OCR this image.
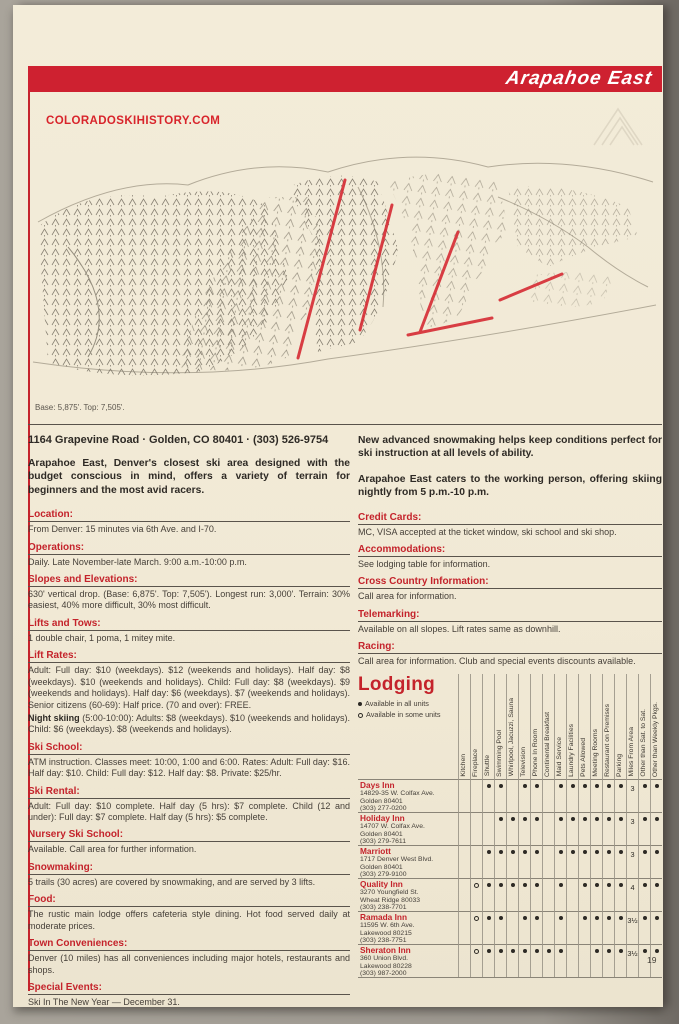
Arapahoe East
COLORADOSKIHISTORY.COM
Base: 5,875'. Top: 7,505'.
1164 Grapevine Road · Golden, CO 80401 · (303) 526-9754
Arapahoe East, Denver's closest ski area designed with the budget conscious in mind, offers a variety of terrain for beginners and the most avid racers.
Location:

From Denver: 15 minutes via 6th Ave. and I-70.

Operations:

Daily. Late November-late March. 9:00 a.m.-10:00 p.m.

Slopes and Elevations:

630' vertical drop. (Base: 6,875'. Top: 7,505'). Longest run: 3,000'. Terrain: 30% easiest, 40% more difficult, 30% most difficult.

Lifts and Tows:

1 double chair, 1 poma, 1 mitey mite.

Lift Rates:

Adult: Full day: $10 (weekdays). $12 (weekends and holidays). Half day: $8 (weekdays). $10 (weekends and holidays). Child: Full day: $8 (weekdays). $9 (weekends and holidays). Half day: $6 (weekdays). $7 (weekends and holidays). Senior citizens (60-69): Half price. (70 and over): FREE.

Night skiing (5:00-10:00): Adults: $8 (weekdays). $10 (weekends and holidays). Child: $6 (weekdays). $8 (weekends and holidays).

Ski School:

ATM instruction. Classes meet: 10:00, 1:00 and 6:00. Rates: Adult: Full day: $16. Half day: $10. Child: Full day: $12. Half day: $8. Private: $25/hr.

Ski Rental:

Adult: Full day: $10 complete. Half day (5 hrs): $7 complete. Child (12 and under): Full day: $7 complete. Half day (5 hrs): $5 complete.

Nursery Ski School:

Available. Call area for further information.

Snowmaking:

5 trails (30 acres) are covered by snowmaking, and are served by 3 lifts.

Food:

The rustic main lodge offers cafeteria style dining. Hot food served daily at moderate prices.

Town Conveniences:

Denver (10 miles) has all conveniences including major hotels, restaurants and shops.

Special Events:

Ski In The New Year — December 31.

New advanced snowmaking helps keep conditions perfect for ski instruction at all levels of ability.
Arapahoe East caters to the working person, offering skiing nightly from 5 p.m.-10 p.m.
Credit Cards:

MC, VISA accepted at the ticket window, ski school and ski shop.

Accommodations:

See lodging table for information.

Cross Country Information:

Call area for information.

Telemarking:

Available on all slopes. Lift rates same as downhill.

Racing:

Call area for information. Club and special events discounts available.

Lodging
Available in all units
Available in some units
Kitchen Fireplace Shuttle Swimming Pool Whirlpool, Jacuzzi, Sauna Television Phone In Room Continental Breakfast Maid Service Laundry Facilities Pets Allowed Meeting Rooms Restaurant on Premises Parking Miles From Area Other than Sat. to Sat. Other than Weekly Pkgs.
Days Inn
14829-35 W. Colfax Ave.
Golden 80401
(303) 277-0200
3
Holiday Inn
14707 W. Colfax Ave.
Golden 80401
(303) 279-7611
3
Marriott
1717 Denver West Blvd.
Golden 80401
(303) 279-9100
3
Quality Inn
3270 Youngfield St.
Wheat Ridge 80033
(303) 238-7701
4
Ramada Inn
11595 W. 6th Ave.
Lakewood 80215
(303) 238-7751
3½
Sheraton Inn
360 Union Blvd.
Lakewood 80228
(303) 987-2000
3½
19
